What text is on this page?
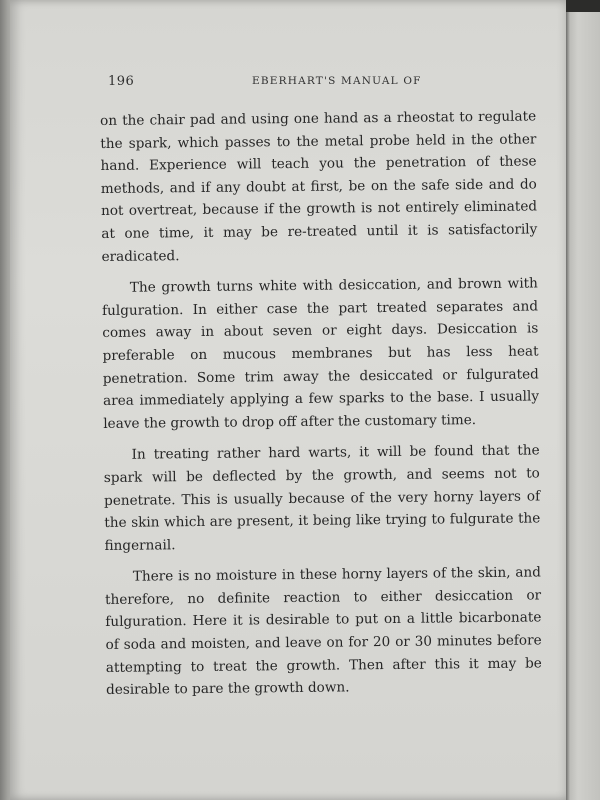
196	EBERHART'S MANUAL OF

on the chair pad and using one hand as a rheostat to regulate the spark, which passes to the metal probe held in the other hand. Experience will teach you the penetration of these methods, and if any doubt at first, be on the safe side and do not overtreat, because if the growth is not entirely eliminated at one time, it may be re-treated until it is satisfactorily eradicated.

The growth turns white with desiccation, and brown with fulguration. In either case the part treated separates and comes away in about seven or eight days. Desiccation is preferable on mucous membranes but has less heat penetration. Some trim away the desiccated or fulgurated area immediately applying a few sparks to the base. I usually leave the growth to drop off after the customary time.

In treating rather hard warts, it will be found that the spark will be deflected by the growth, and seems not to penetrate. This is usually because of the very horny layers of the skin which are present, it being like trying to fulgurate the fingernail.

There is no moisture in these horny layers of the skin, and therefore, no definite reaction to either desiccation or fulguration. Here it is desirable to put on a little bicarbonate of soda and moisten, and leave on for 20 or 30 minutes before attempting to treat the growth. Then after this it may be desirable to pare the growth down.
